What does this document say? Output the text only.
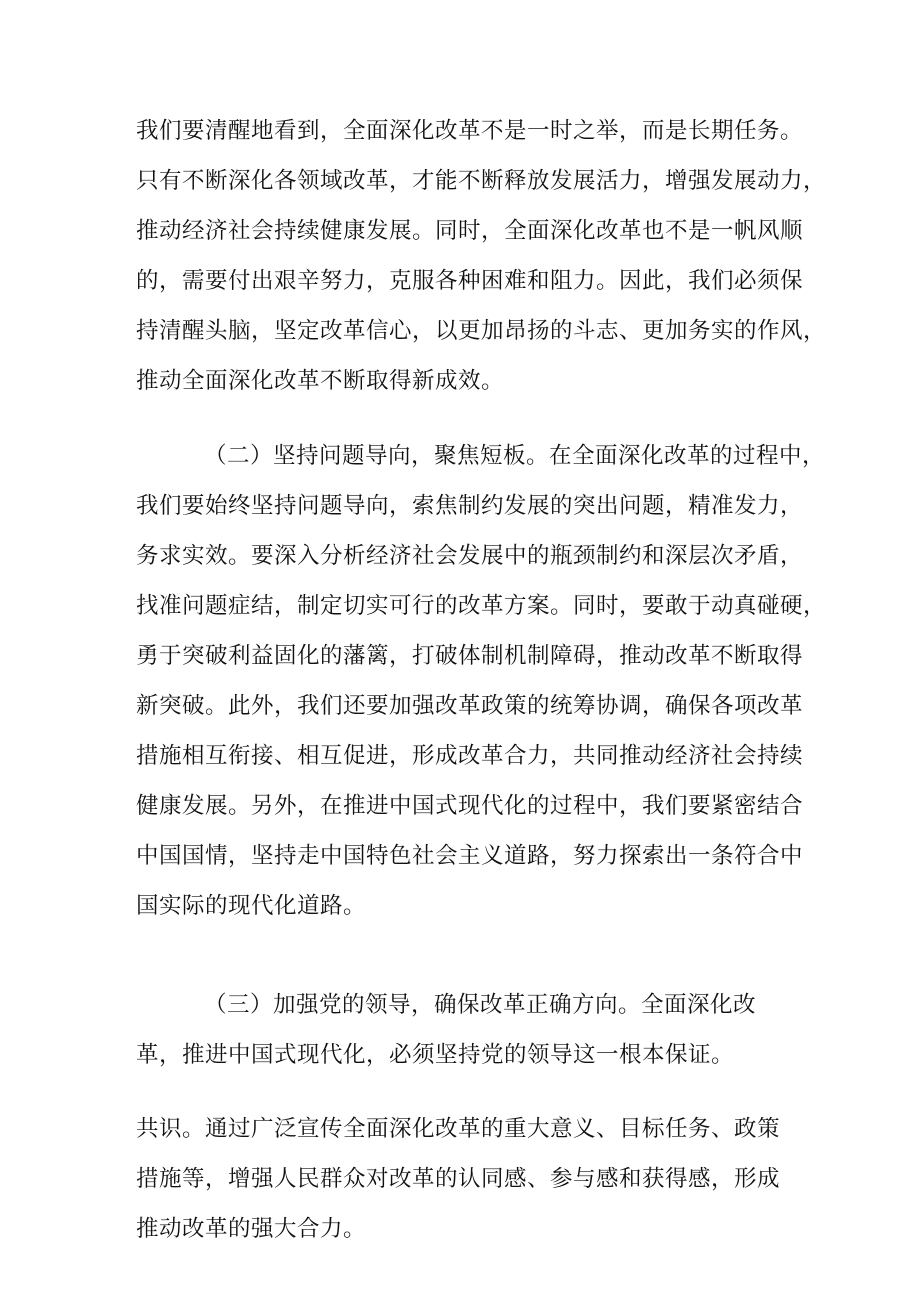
我们要清醒地看到，全面深化改革不是一时之举，而是长期任务。
只有不断深化各领域改革，才能不断释放发展活力，增强发展动力，
推动经济社会持续健康发展。同时，全面深化改革也不是一帆风顺
的，需要付出艰辛努力，克服各种困难和阻力。因此，我们必须保
持清醒头脑，坚定改革信心，以更加昂扬的斗志、更加务实的作风，
推动全面深化改革不断取得新成效。
（二）坚持问题导向，聚焦短板。在全面深化改革的过程中，
我们要始终坚持问题导向，索焦制约发展的突出问题，精准发力，
务求实效。要深入分析经济社会发展中的瓶颈制约和深层次矛盾，
找准问题症结，制定切实可行的改革方案。同时，要敢于动真碰硬，
勇于突破利益固化的藩篱，打破体制机制障碍，推动改革不断取得
新突破。此外，我们还要加强改革政策的统筹协调，确保各项改革
措施相互衔接、相互促进，形成改革合力，共同推动经济社会持续
健康发展。另外，在推进中国式现代化的过程中，我们要紧密结合
中国国情，坚持走中国特色社会主义道路，努力探索出一条符合中
国实际的现代化道路。
（三）加强党的领导，确保改革正确方向。全面深化改
革，推进中国式现代化，必须坚持党的领导这一根本保证。
共识。通过广泛宣传全面深化改革的重大意义、目标任务、政策
措施等，增强人民群众对改革的认同感、参与感和获得感，形成
推动改革的强大合力。
